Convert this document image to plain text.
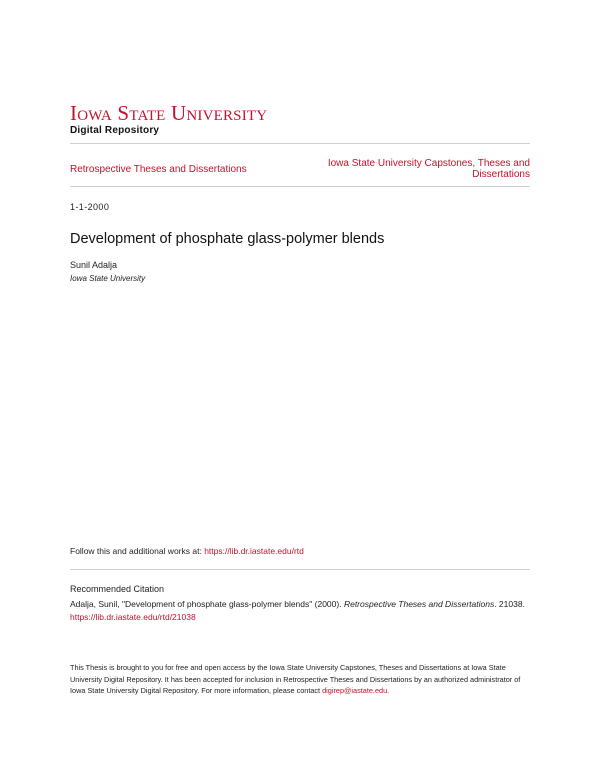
Iowa State University
Digital Repository
Retrospective Theses and Dissertations
Iowa State University Capstones, Theses and Dissertations
1-1-2000
Development of phosphate glass-polymer blends
Sunil Adalja
Iowa State University
Follow this and additional works at: https://lib.dr.iastate.edu/rtd
Recommended Citation
Adalja, Sunil, "Development of phosphate glass-polymer blends" (2000). Retrospective Theses and Dissertations. 21038.
https://lib.dr.iastate.edu/rtd/21038
This Thesis is brought to you for free and open access by the Iowa State University Capstones, Theses and Dissertations at Iowa State University Digital Repository. It has been accepted for inclusion in Retrospective Theses and Dissertations by an authorized administrator of Iowa State University Digital Repository. For more information, please contact digirep@iastate.edu.
